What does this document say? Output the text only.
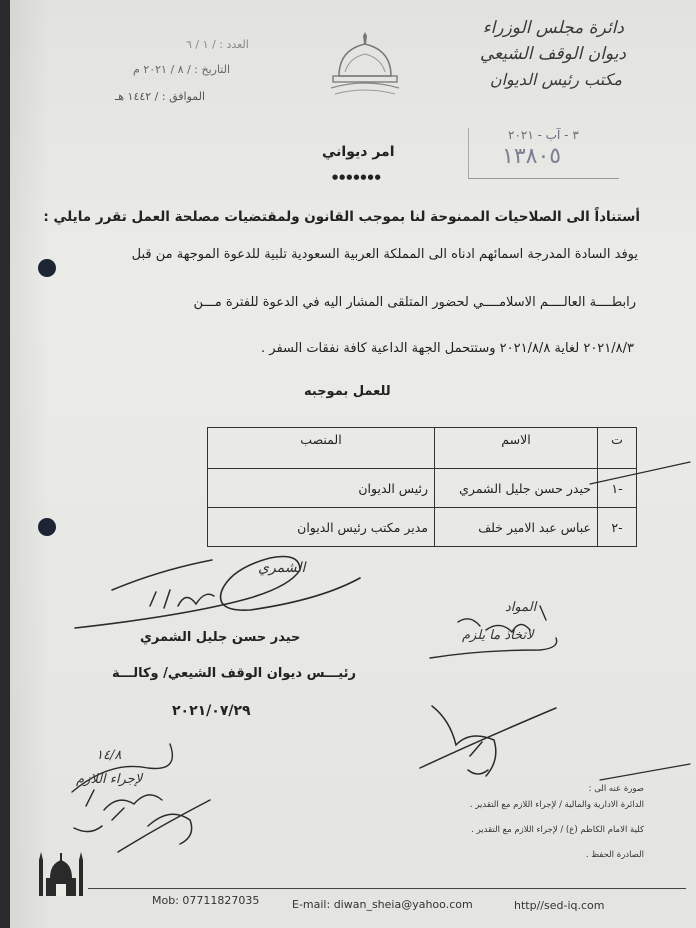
دائرة مجلس الوزراء
ديوان الوقف الشيعي
مكتب رئيس الديوان
العدد : / ١ / ٦
التاريخ : / ٨ / ٢٠٢١ م
الموافق : / ١٤٤٢ هـ
٣ - آب - ٢٠٢١
١٣٨٠٥
امر ديواني
●●●●●●●
أستناداً الى الصلاحيات الممنوحة لنا بموجب القانون ولمقتضيات مصلحة العمل تقرر مايلي :
يوفد السادة المدرجة اسمائهم ادناه الى المملكة العربية السعودية تلبية للدعوة الموجهة من قبل
رابطــــة العالــــم الاسلامــــي لحضور المتلقى المشار اليه في الدعوة للفترة مـــن
٢٠٢١/٨/٣ لغاية ٢٠٢١/٨/٨ وستتحمل الجهة الداعية كافة نفقات السفر .
للعمل بموجبه
ت	الاسم	المنصب
-١	حيدر حسن جليل الشمري	رئيس الديوان
-٢	عباس عبد الامير خلف	مدير مكتب رئيس الديوان
الشمري
المواد
لاتخاذ ما يلزم
١٤/٨
لإجراء اللازم
حيدر حسن جليل الشمري
رئيـــس ديوان الوقف الشيعي/ وكالـــة
٢٠٢١/٠٧/٢٩
صورة عنه الى :
الدائرة الادارية والمالية / لإجراء اللازم مع التقدير .
كلية الامام الكاظم (ع) / لإجراء اللازم مع التقدير .
الصادرة الحفظ .
Mob: 07711827035	E-mail: diwan_sheia@yahoo.com	http//sed-iq.com
